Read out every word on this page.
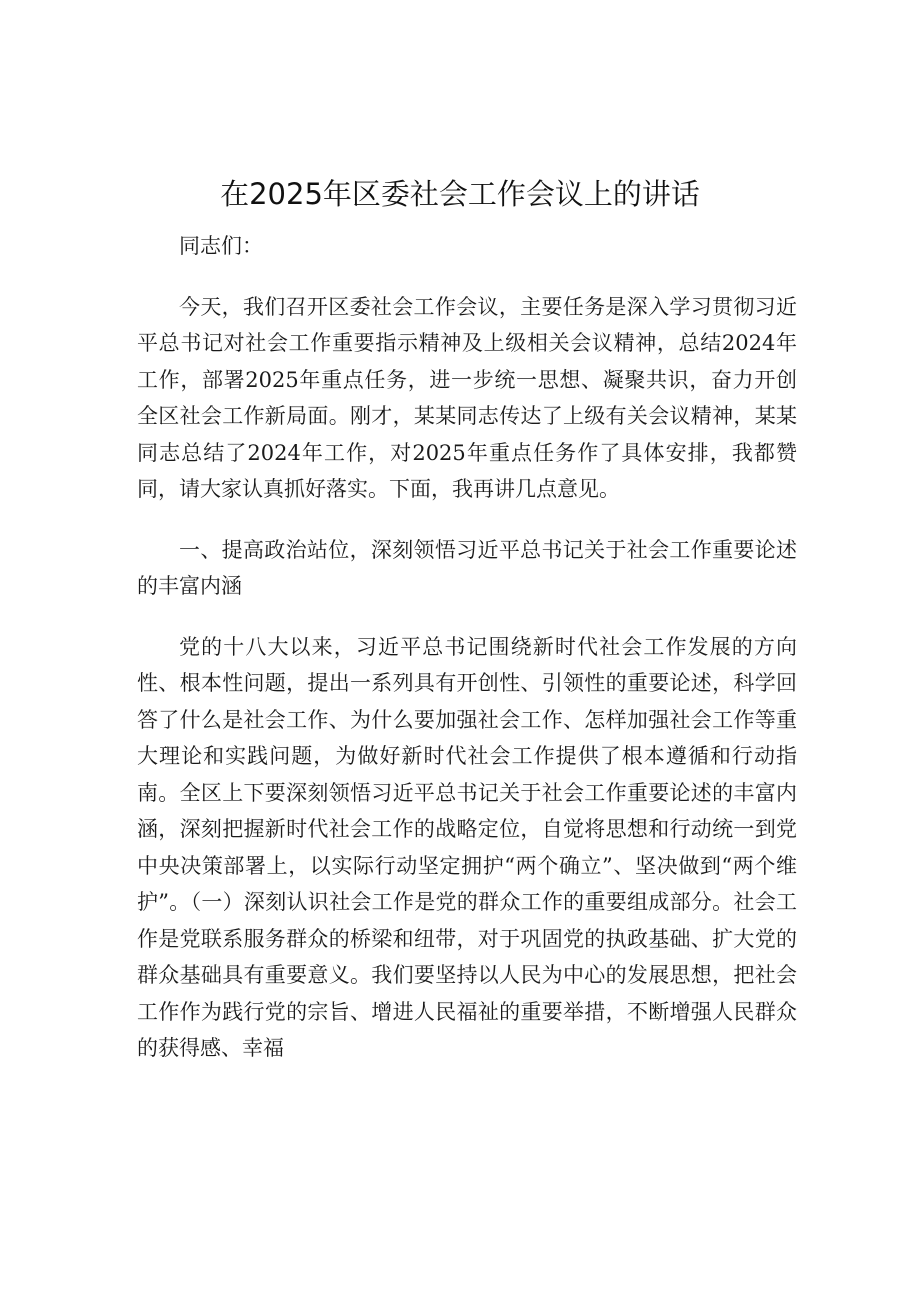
在2025年区委社会工作会议上的讲话

同志们：

今天，我们召开区委社会工作会议，主要任务是深入学习贯彻习近平总书记对社会工作重要指示精神及上级相关会议精神，总结2024年工作，部署2025年重点任务，进一步统一思想、凝聚共识，奋力开创全区社会工作新局面。刚才，某某同志传达了上级有关会议精神，某某同志总结了2024年工作，对2025年重点任务作了具体安排，我都赞同，请大家认真抓好落实。下面，我再讲几点意见。

一、提高政治站位，深刻领悟习近平总书记关于社会工作重要论述的丰富内涵

党的十八大以来，习近平总书记围绕新时代社会工作发展的方向性、根本性问题，提出一系列具有开创性、引领性的重要论述，科学回答了什么是社会工作、为什么要加强社会工作、怎样加强社会工作等重大理论和实践问题，为做好新时代社会工作提供了根本遵循和行动指南。全区上下要深刻领悟习近平总书记关于社会工作重要论述的丰富内涵，深刻把握新时代社会工作的战略定位，自觉将思想和行动统一到党中央决策部署上，以实际行动坚定拥护“两个确立”、坚决做到“两个维护”。（一）深刻认识社会工作是党的群众工作的重要组成部分。社会工作是党联系服务群众的桥梁和纽带，对于巩固党的执政基础、扩大党的群众基础具有重要意义。我们要坚持以人民为中心的发展思想，把社会工作作为践行党的宗旨、增进人民福祉的重要举措，不断增强人民群众的获得感、幸福
